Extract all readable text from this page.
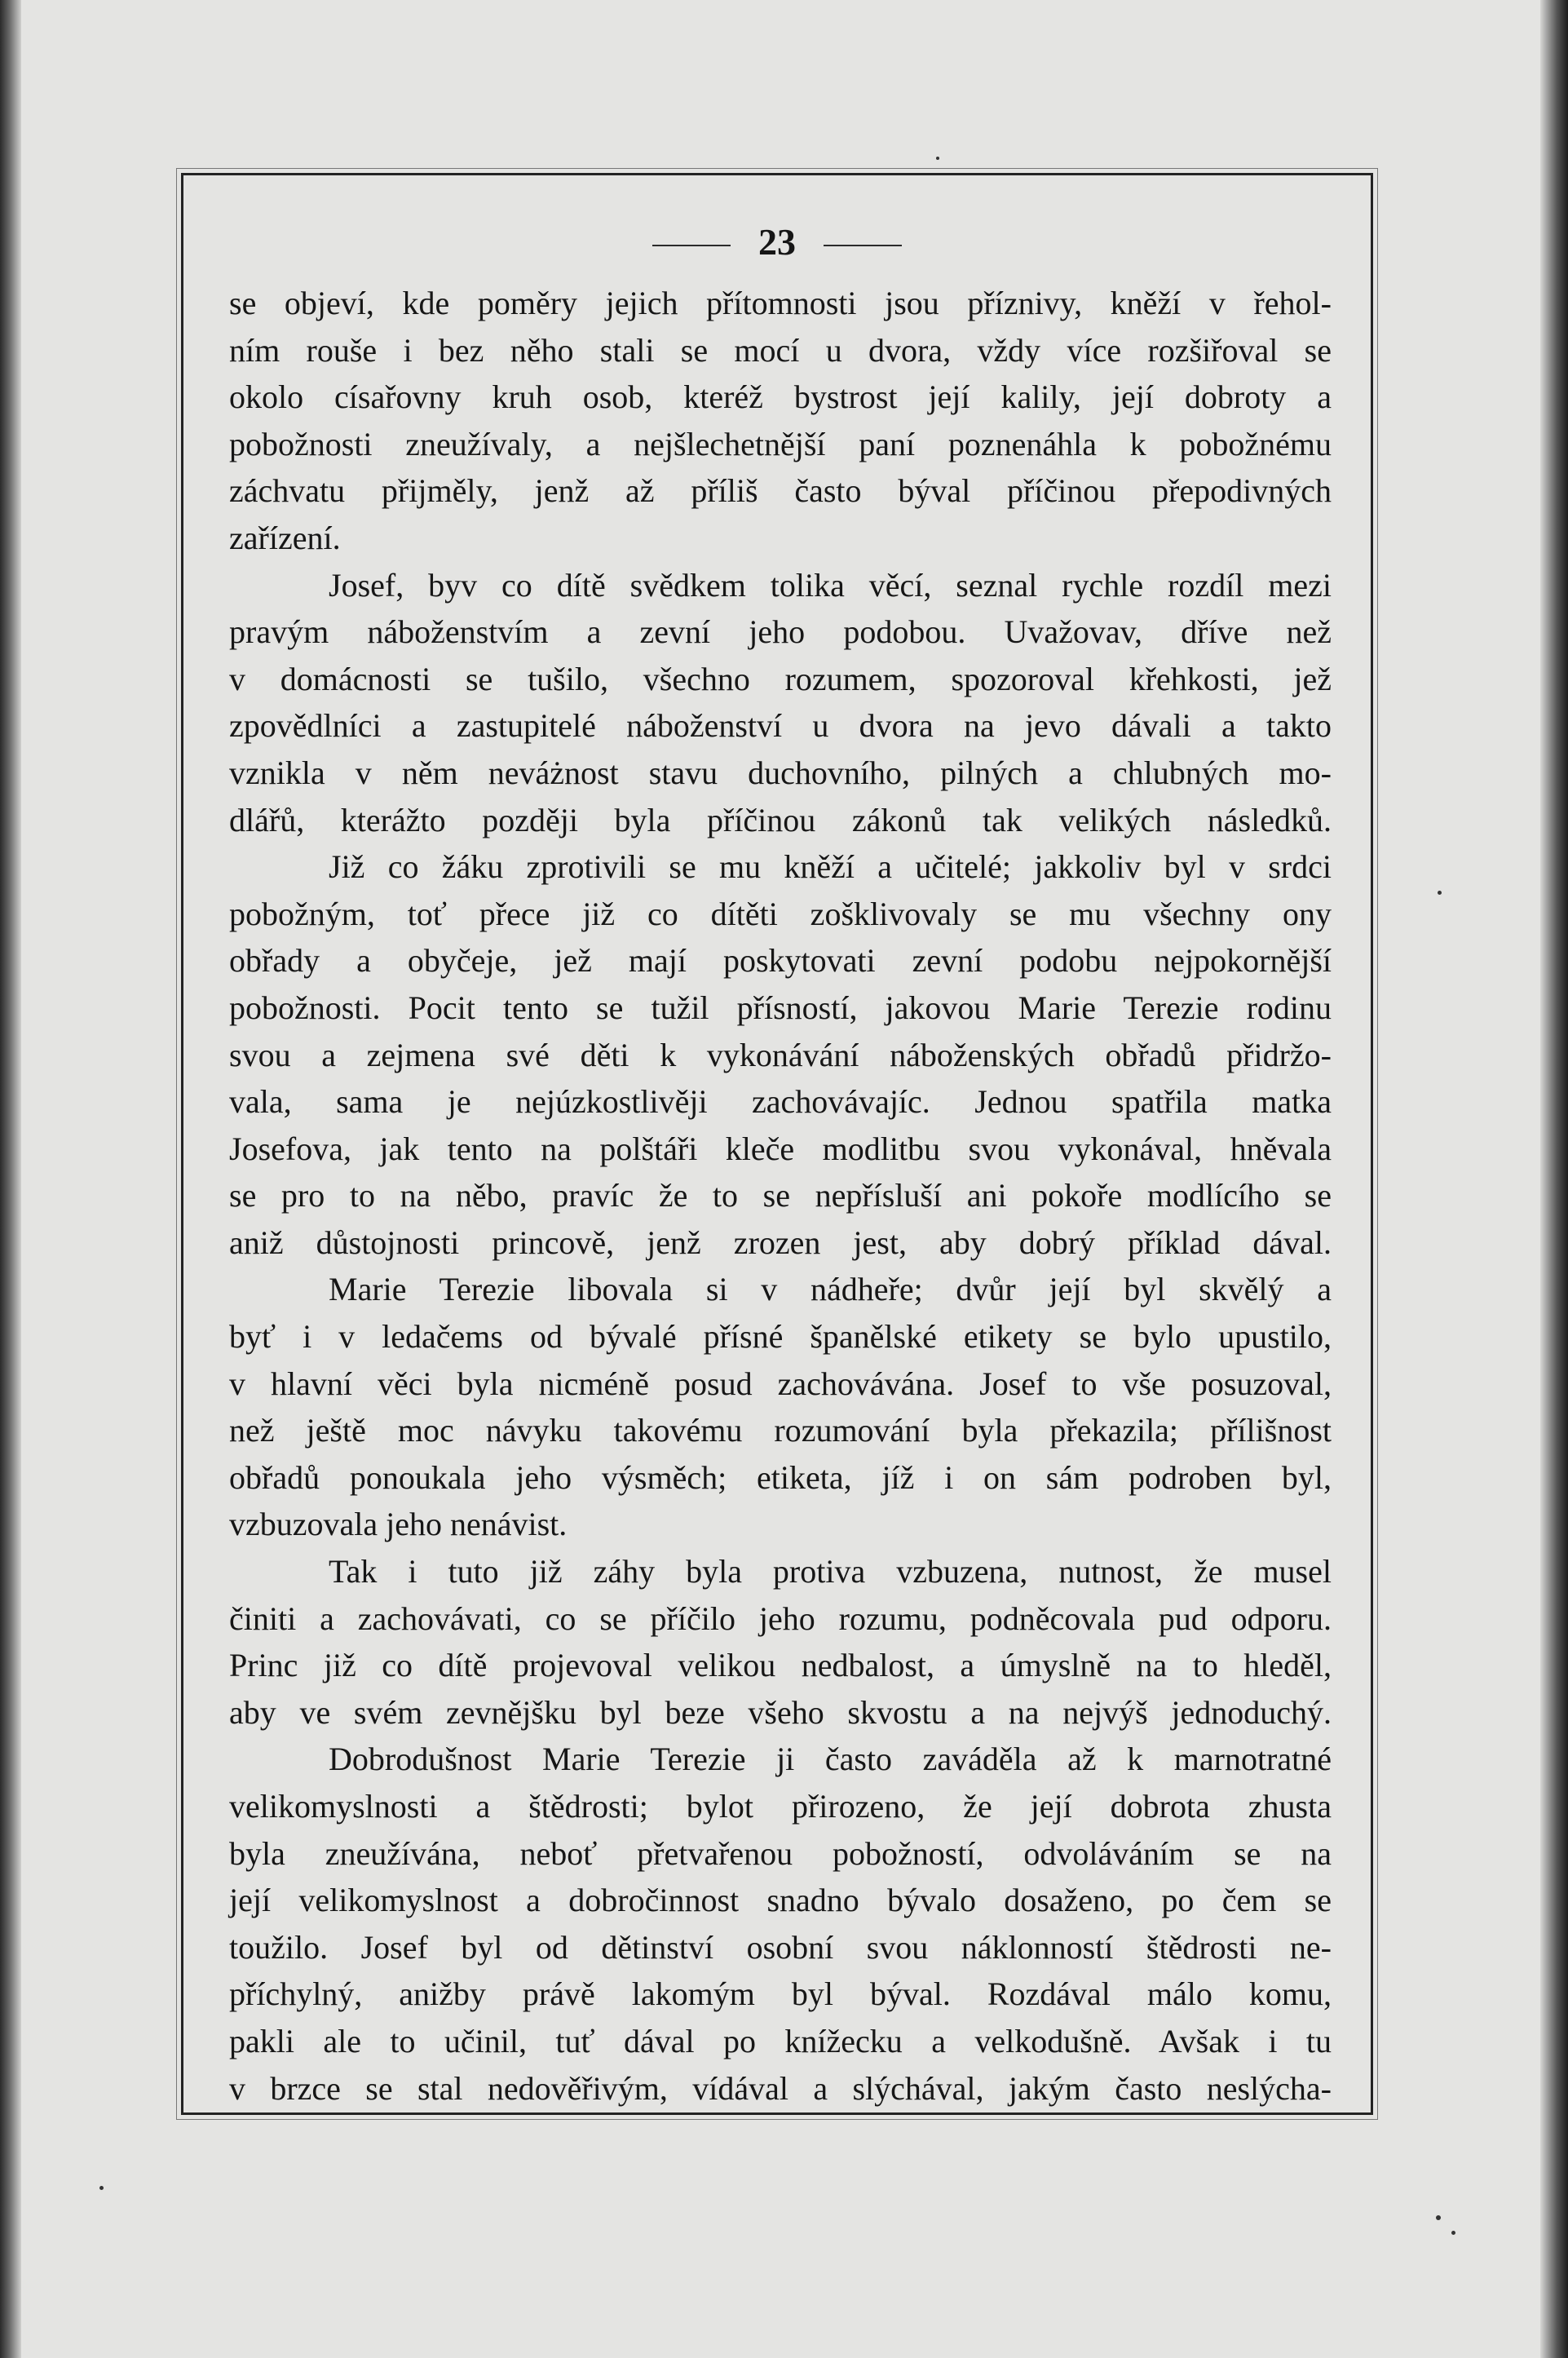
23
se objeví, kde poměry jejich přítomnosti jsou příznivy, kněží v řehol-
ním rouše i bez něho stali se mocí u dvora, vždy více rozšiřoval se
okolo císařovny kruh osob, kteréž bystrost její kalily, její dobroty a
pobožnosti zneužívaly, a nejšlechetnější paní poznenáhla k pobožnému
záchvatu přijměly, jenž až příliš často býval příčinou přepodivných
zařízení.
Josef, byv co dítě svědkem tolika věcí, seznal rychle rozdíl mezi
pravým náboženstvím a zevní jeho podobou. Uvažovav, dříve než
v domácnosti se tušilo, všechno rozumem, spozoroval křehkosti, jež
zpovědlníci a zastupitelé náboženství u dvora na jevo dávali a takto
vznikla v něm neváżnost stavu duchovního, pilných a chlubných mo-
dlářů, kterážto později byla příčinou zákonů tak velikých následků.
Již co žáku zprotivili se mu kněží a učitelé; jakkoliv byl v srdci
pobožným, toť přece již co dítěti zošklivovaly se mu všechny ony
obřady a obyčeje, jež mají poskytovati zevní podobu nejpokornější
pobožnosti. Pocit tento se tužil přísností, jakovou Marie Terezie rodinu
svou a zejmena své děti k vykonávání náboženských obřadů přidržo-
vala, sama je nejúzkostlivěji zachovávajíc. Jednou spatřila matka
Josefova, jak tento na polštáři kleče modlitbu svou vykonával, hněvala
se pro to na něbo, pravíc že to se nepřísluší ani pokoře modlícího se
aniž důstojnosti princově, jenž zrozen jest, aby dobrý příklad dával.
Marie Terezie libovala si v nádheře; dvůr její byl skvělý a
byť i v ledačems od bývalé přísné španělské etikety se bylo upustilo,
v hlavní věci byla nicméně posud zachovávána. Josef to vše posuzoval,
než ještě moc návyku takovému rozumování byla překazila; přílišnost
obřadů ponoukala jeho výsměch; etiketa, jíž i on sám podroben byl,
vzbuzovala jeho nenávist.
Tak i tuto již záhy byla protiva vzbuzena, nutnost, že musel
činiti a zachovávati, co se příčilo jeho rozumu, podněcovala pud odporu.
Princ již co dítě projevoval velikou nedbalost, a úmyslně na to hleděl,
aby ve svém zevnějšku byl beze všeho skvostu a na nejvýš jednoduchý.
Dobrodušnost Marie Terezie ji často zaváděla až k marnotratné
velikomyslnosti a štědrosti; bylot přirozeno, že její dobrota zhusta
byla zneužívána, neboť přetvařenou pobožností, odvoláváním se na
její velikomyslnost a dobročinnost snadno bývalo dosaženo, po čem se
toužilo. Josef byl od dětinství osobní svou náklonností štědrosti ne-
příchylný, anižby právě lakomým byl býval. Rozdával málo komu,
pakli ale to učinil, tuť dával po knížecku a velkodušně. Avšak i tu
v brzce se stal nedověřivým, vídával a slýchával, jakým často neslýcha-
